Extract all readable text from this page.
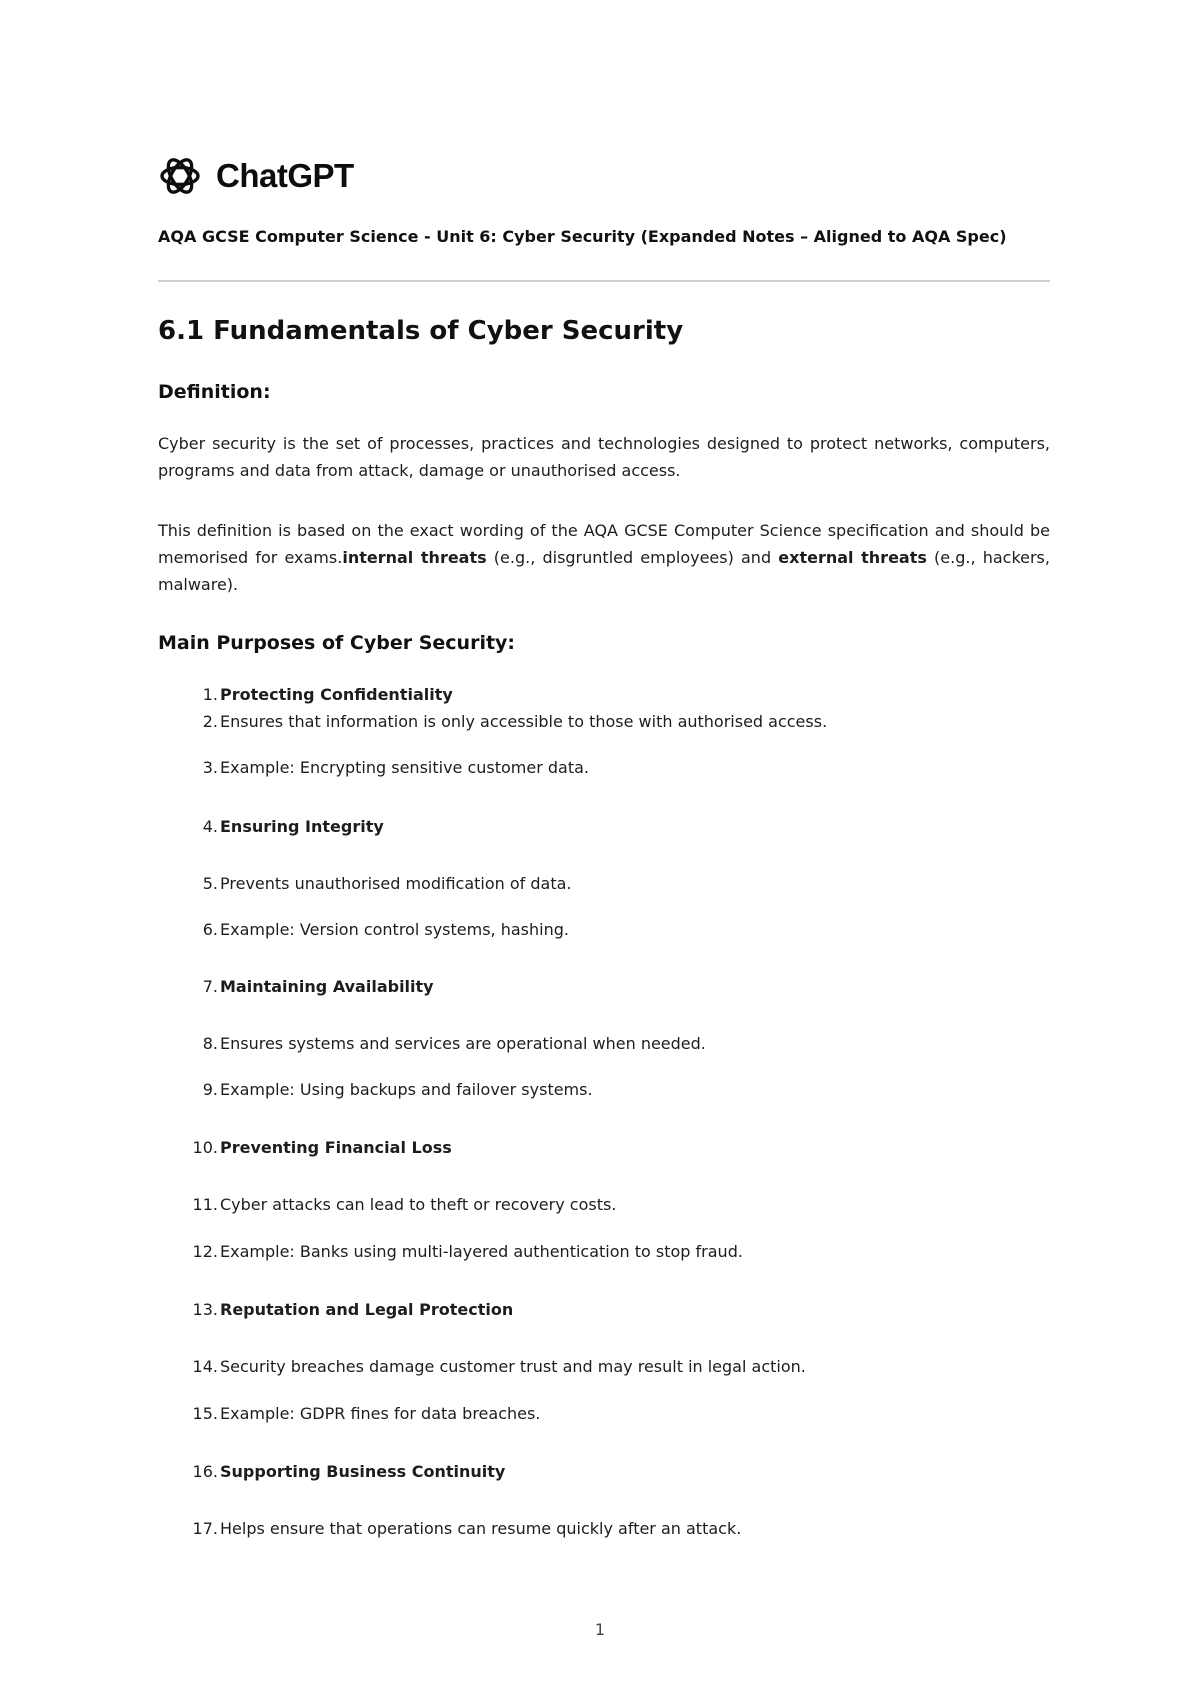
ChatGPT
AQA GCSE Computer Science - Unit 6: Cyber Security (Expanded Notes – Aligned to AQA Spec)
6.1 Fundamentals of Cyber Security
Definition:

Cyber security is the set of processes, practices and technologies designed to protect networks, computers, programs and data from attack, damage or unauthorised access.

This definition is based on the exact wording of the AQA GCSE Computer Science specification and should be memorised for exams.internal threats (e.g., disgruntled employees) and external threats (e.g., hackers, malware).

Main Purposes of Cyber Security:
1. Protecting Confidentiality
2. Ensures that information is only accessible to those with authorised access.
3. Example: Encrypting sensitive customer data.
4. Ensuring Integrity
5. Prevents unauthorised modification of data.
6. Example: Version control systems, hashing.
7. Maintaining Availability
8. Ensures systems and services are operational when needed.
9. Example: Using backups and failover systems.
10. Preventing Financial Loss
11. Cyber attacks can lead to theft or recovery costs.
12. Example: Banks using multi-layered authentication to stop fraud.
13. Reputation and Legal Protection
14. Security breaches damage customer trust and may result in legal action.
15. Example: GDPR fines for data breaches.
16. Supporting Business Continuity
17. Helps ensure that operations can resume quickly after an attack.
1
